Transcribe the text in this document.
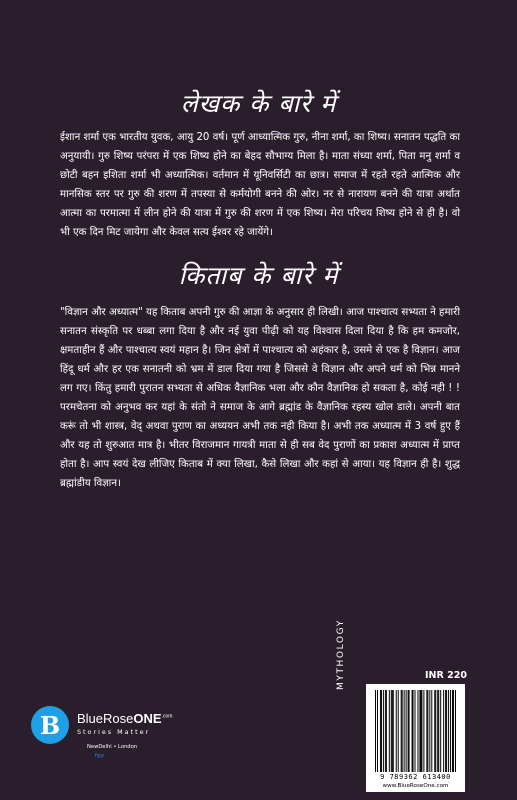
लेखक के बारे में
ईशान शर्मा एक भारतीय युवक, आयु 20 वर्ष। पूर्ण आध्यात्मिक गुरु, नीना शर्मा, का शिष्य। सनातन पद्धति का अनुयायी। गुरु शिष्य परंपरा में एक शिष्य होने का बेहद सौभाग्य मिला है। माता संध्या शर्मा, पिता मनु शर्मा व छोटी बहन इशिता शर्मा भी अध्यात्मिक। वर्तमान में यूनिवर्सिटी का छात्र। समाज में रहते रहते आत्मिक और मानसिक स्तर पर गुरु की शरण में तपस्या से कर्मयोगी बनने की ओर। नर से नारायण बनने की यात्रा अर्थात आत्मा का परमात्मा में लीन होने की यात्रा में गुरु की शरण में एक शिष्य। मेरा परिचय शिष्य होने से ही है। वो भी एक दिन मिट जायेगा और केवल सत्य ईश्वर रहे जायेंगे।
किताब के बारे में
"विज्ञान और अध्यात्म" यह किताब अपनी गुरु की आज्ञा के अनुसार ही लिखी। आज पाश्चात्य सभ्यता ने हमारी सनातन संस्कृति पर धब्बा लगा दिया है और नई युवा पीढ़ी को यह विश्वास दिला दिया है कि हम कमजोर, क्षमताहीन हैं और पाश्चात्य स्वयं महान है। जिन क्षेत्रों में पाश्चात्य को अहंकार है, उसमे से एक है विज्ञान। आज हिंदू धर्म और हर एक सनातनी को भ्रम में डाल दिया गया है जिससे वे विज्ञान और अपने धर्म को भिन्न मानने लग गए। किंतु हमारी पुरातन सभ्यता से अधिक वैज्ञानिक भला और कौन वैज्ञानिक हो सकता है, कोई नही ! ! परमचेतना को अनुभव कर यहां के संतो ने समाज के आगे ब्रह्मांड के वैज्ञानिक रहस्य खोल डाले। अपनी बात करूं तो भी शास्त्र, वेद् अथवा पुराण का अध्ययन अभी तक नही किया है। अभी तक अध्यात्म में 3 वर्ष हुए हैं और यह तो शुरुआत मात्र है। भीतर विराजमान गायत्री माता से ही सब वेद पुराणों का प्रकाश अध्यात्म में प्राप्त होता है। आप स्वयं देख लीजिए किताब में क्या लिखा, कैसे लिखा और कहां से आया। यह विज्ञान ही है। शुद्ध ब्रह्मांडीय विज्ञान।
MYTHOLOGY	INR 220
9 789362 613400
www.BlueRoseOne.com
B	BlueRoseONE$^{.com}$
Stories Matter
NewDelhi • London
f◎y
